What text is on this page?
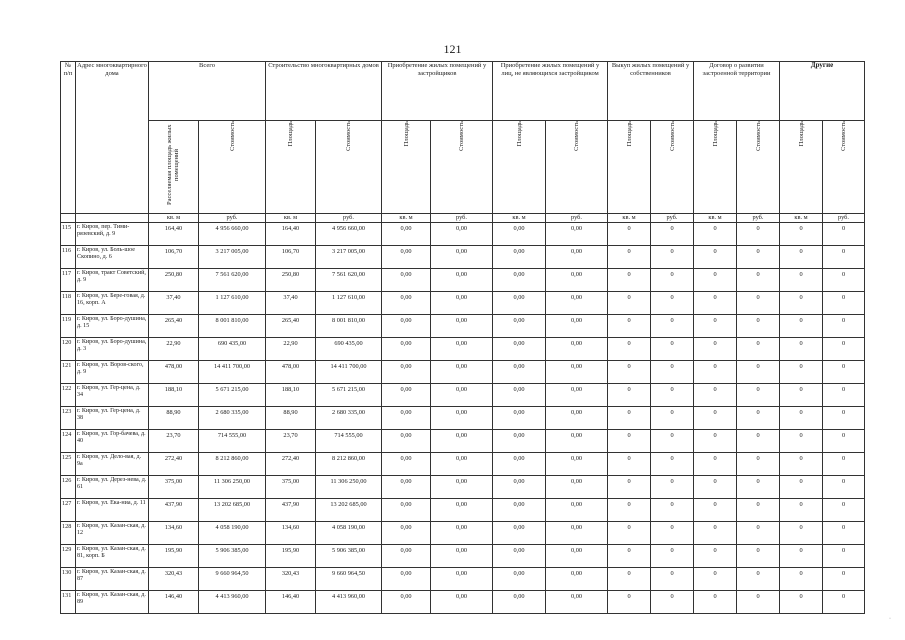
121
№ п/п	Адрес многоквартирного дома	Всего		Строительство многоквартирных домов		Приобретение жилых помещений у застройщиков		Приобретение жилых помещений у лиц, не являющихся застройщиком		Выкуп жилых помещений у собственников		Договор о развитии застроенной территории		Другие	

		Расселяемая площадь жилых помещений	Стоимость	Площадь	Стоимость	Площадь	Стоимость	Площадь	Стоимость	Площадь	Стоимость	Площадь	Стоимость	Площадь	Стоимость

		кв. м	руб.	кв. м	руб.	кв. м	руб.	кв. м	руб.	кв. м	руб.	кв. м	руб.	кв. м	руб.
115	г. Киров, пер. Тими-рязевский, д. 9	164,40	4 956 660,00	164,40	4 956 660,00	0,00	0,00	0,00	0,00	0	0	0	0	0	0
116	г. Киров, ул. Боль-шое Скопино, д. 6	106,70	3 217 005,00	106,70	3 217 005,00	0,00	0,00	0,00	0,00	0	0	0	0	0	0
117	г. Киров, тракт Советский, д. 9	250,80	7 561 620,00	250,80	7 561 620,00	0,00	0,00	0,00	0,00	0	0	0	0	0	0
118	г. Киров, ул. Бере-говая, д. 16, корп. А	37,40	1 127 610,00	37,40	1 127 610,00	0,00	0,00	0,00	0,00	0	0	0	0	0	0
119	г. Киров, ул. Боро-душина, д. 15	265,40	8 001 810,00	265,40	8 001 810,00	0,00	0,00	0,00	0,00	0	0	0	0	0	0
120	г. Киров, ул. Боро-душина, д. 3	22,90	690 435,00	22,90	690 435,00	0,00	0,00	0,00	0,00	0	0	0	0	0	0
121	г. Киров, ул. Воров-ского, д. 9	478,00	14 411 700,00	478,00	14 411 700,00	0,00	0,00	0,00	0,00	0	0	0	0	0	0
122	г. Киров, ул. Гер-цена, д. 34	188,10	5 671 215,00	188,10	5 671 215,00	0,00	0,00	0,00	0,00	0	0	0	0	0	0
123	г. Киров, ул. Гер-цена, д. 38	88,90	2 680 335,00	88,90	2 680 335,00	0,00	0,00	0,00	0,00	0	0	0	0	0	0
124	г. Киров, ул. Гор-бачева, д. 40	23,70	714 555,00	23,70	714 555,00	0,00	0,00	0,00	0,00	0	0	0	0	0	0
125	г. Киров, ул. Дело-вая, д. 9а	272,40	8 212 860,00	272,40	8 212 860,00	0,00	0,00	0,00	0,00	0	0	0	0	0	0
126	г. Киров, ул. Дерез-нева, д. 61	375,00	11 306 250,00	375,00	11 306 250,00	0,00	0,00	0,00	0,00	0	0	0	0	0	0
127	г. Киров, ул. Ека-ниа, д. 11	437,90	13 202 685,00	437,90	13 202 685,00	0,00	0,00	0,00	0,00	0	0	0	0	0	0
128	г. Киров, ул. Казан-ская, д. 12	134,60	4 058 190,00	134,60	4 058 190,00	0,00	0,00	0,00	0,00	0	0	0	0	0	0
129	г. Киров, ул. Казан-ская, д. 81, корп. Б	195,90	5 906 385,00	195,90	5 906 385,00	0,00	0,00	0,00	0,00	0	0	0	0	0	0
130	г. Киров, ул. Казан-ская, д. 87	320,43	9 660 964,50	320,43	9 660 964,50	0,00	0,00	0,00	0,00	0	0	0	0	0	0
131	г. Киров, ул. Казан-ская, д. 89	146,40	4 413 960,00	146,40	4 413 960,00	0,00	0,00	0,00	0,00	0	0	0	0	0	0
·
